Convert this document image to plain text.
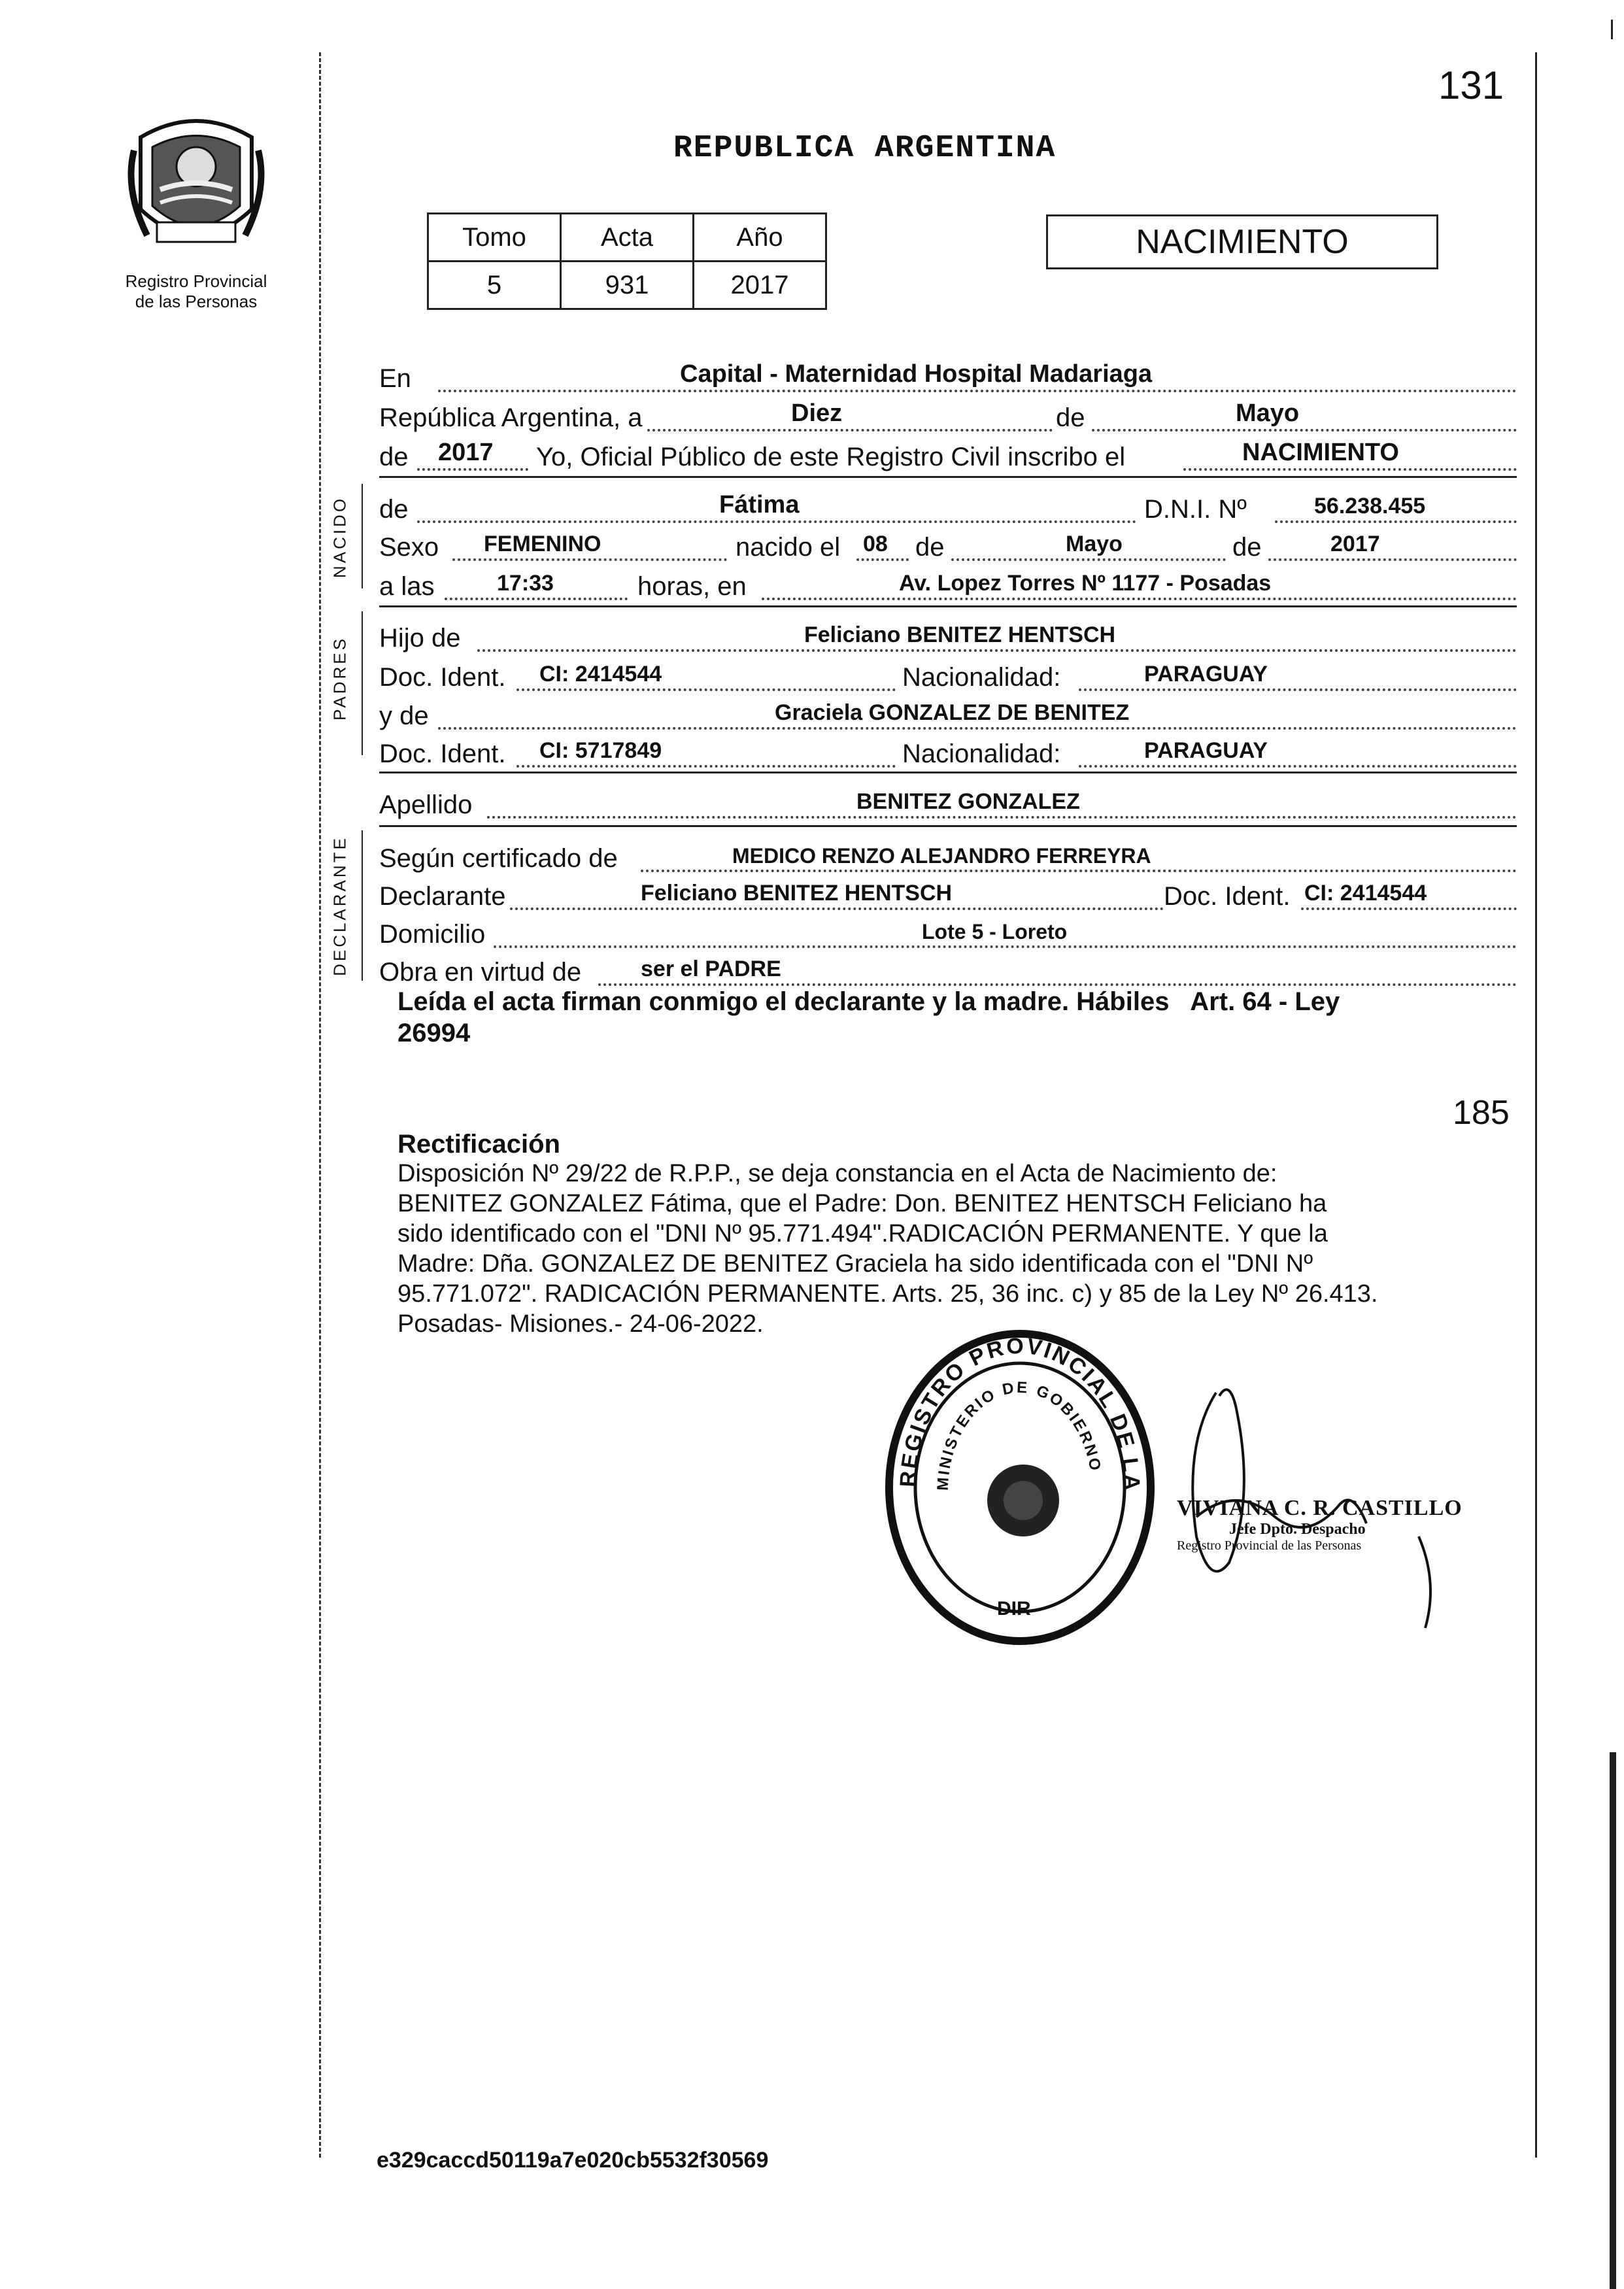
131
Registro Provincial
de las Personas
REPUBLICA ARGENTINA
Tomo	Acta	Año
5	931	2017
NACIMIENTO
NACIDO
PADRES
DECLARANTE
En	Capital - Maternidad Hospital Madariaga
República Argentina, a	Diez	de	Mayo
de 2017 Yo, Oficial Público de este Registro Civil inscribo el	NACIMIENTO
de	Fátima	D.N.I. Nº	56.238.455
Sexo FEMENINO	nacido el 08 de	Mayo	de	2017
a las	17:33	horas, en	Av. Lopez Torres Nº 1177 - Posadas
Hijo de	Feliciano BENITEZ HENTSCH
Doc. Ident. CI: 2414544	Nacionalidad:	PARAGUAY
y de	Graciela GONZALEZ DE BENITEZ
Doc. Ident. CI: 5717849	Nacionalidad:	PARAGUAY
Apellido	BENITEZ GONZALEZ
Según certificado de	MEDICO RENZO ALEJANDRO FERREYRA
Declarante	Feliciano BENITEZ HENTSCH	Doc. Ident. CI: 2414544
Domicilio	Lote 5 - Loreto
Obra en virtud de	ser el PADRE
Leída el acta firman conmigo el declarante y la madre. Hábiles   Art. 64 - Ley
26994
185
Rectificación
Disposición Nº 29/22 de R.P.P., se deja constancia en el Acta de Nacimiento de:
BENITEZ GONZALEZ Fátima, que el Padre: Don. BENITEZ HENTSCH Feliciano ha
sido identificado con el "DNI Nº 95.771.494".RADICACIÓN PERMANENTE. Y que la
Madre: Dña. GONZALEZ DE BENITEZ Graciela ha sido identificada con el "DNI Nº
95.771.072". RADICACIÓN PERMANENTE. Arts. 25, 36 inc. c) y 85 de la Ley Nº 26.413.
Posadas- Misiones.- 24-06-2022.
REGISTRO PROVINCIAL DE LA
MINISTERIO DE GOBIERNO
DIR
VIVIANA C. R. CASTILLO
Jefe Dpto. Despacho
Registro Provincial de las Personas
e329caccd50119a7e020cb5532f30569
